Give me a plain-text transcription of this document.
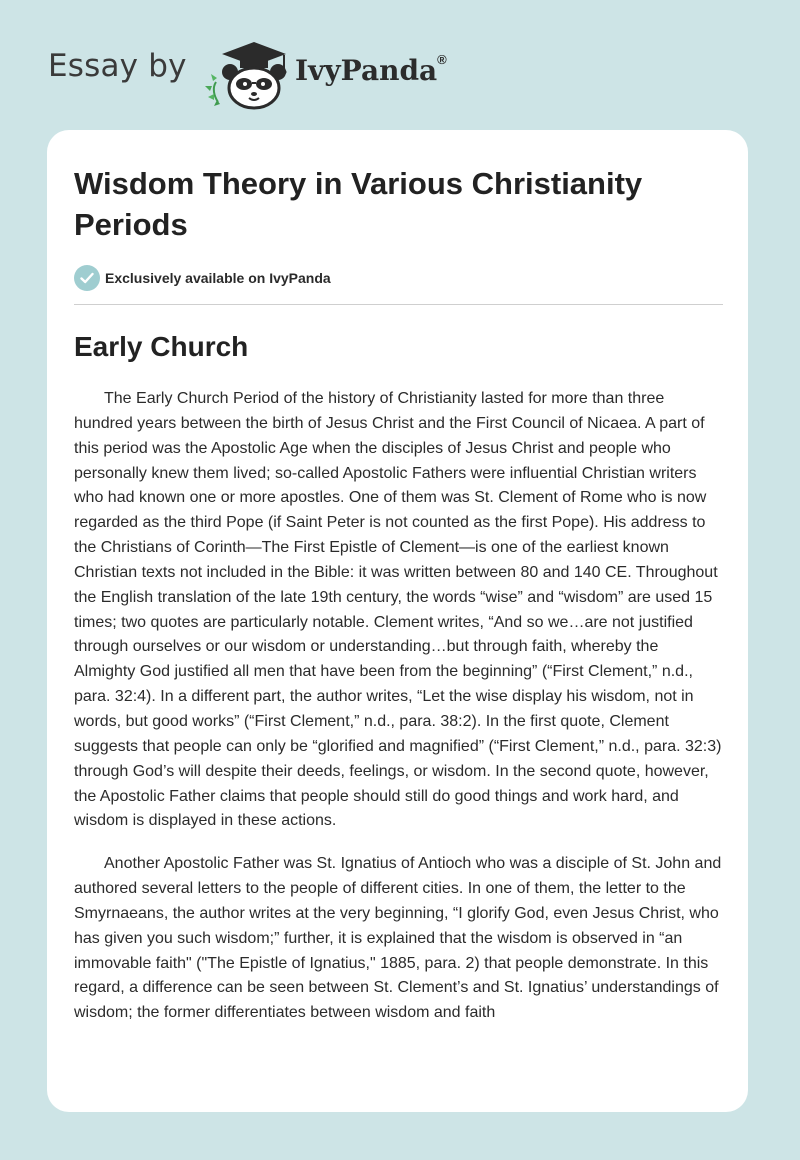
Essay by	IvyPanda®
Wisdom Theory in Various Christianity Periods
Exclusively available on IvyPanda
Early Church

The Early Church Period of the history of Christianity lasted for more than three hundred years between the birth of Jesus Christ and the First Council of Nicaea. A part of this period was the Apostolic Age when the disciples of Jesus Christ and people who personally knew them lived; so-called Apostolic Fathers were influential Christian writers who had known one or more apostles. One of them was St. Clement of Rome who is now regarded as the third Pope (if Saint Peter is not counted as the first Pope). His address to the Christians of Corinth—The First Epistle of Clement—is one of the earliest known Christian texts not included in the Bible: it was written between 80 and 140 CE. Throughout the English translation of the late 19th century, the words “wise” and “wisdom” are used 15 times; two quotes are particularly notable. Clement writes, “And so we…are not justified through ourselves or our wisdom or understanding…but through faith, whereby the Almighty God justified all men that have been from the beginning” (“First Clement,” n.d., para. 32:4). In a different part, the author writes, “Let the wise display his wisdom, not in words, but good works” (“First Clement,” n.d., para. 38:2). In the first quote, Clement suggests that people can only be “glorified and magnified” (“First Clement,” n.d., para. 32:3) through God’s will despite their deeds, feelings, or wisdom. In the second quote, however, the Apostolic Father claims that people should still do good things and work hard, and wisdom is displayed in these actions.

Another Apostolic Father was St. Ignatius of Antioch who was a disciple of St. John and authored several letters to the people of different cities. In one of them, the letter to the Smyrnaeans, the author writes at the very beginning, “I glorify God, even Jesus Christ, who has given you such wisdom;” further, it is explained that the wisdom is observed in “an immovable faith" ("The Epistle of Ignatius," 1885, para. 2) that people demonstrate. In this regard, a difference can be seen between St. Clement’s and St. Ignatius’ understandings of wisdom; the former differentiates between wisdom and faith
